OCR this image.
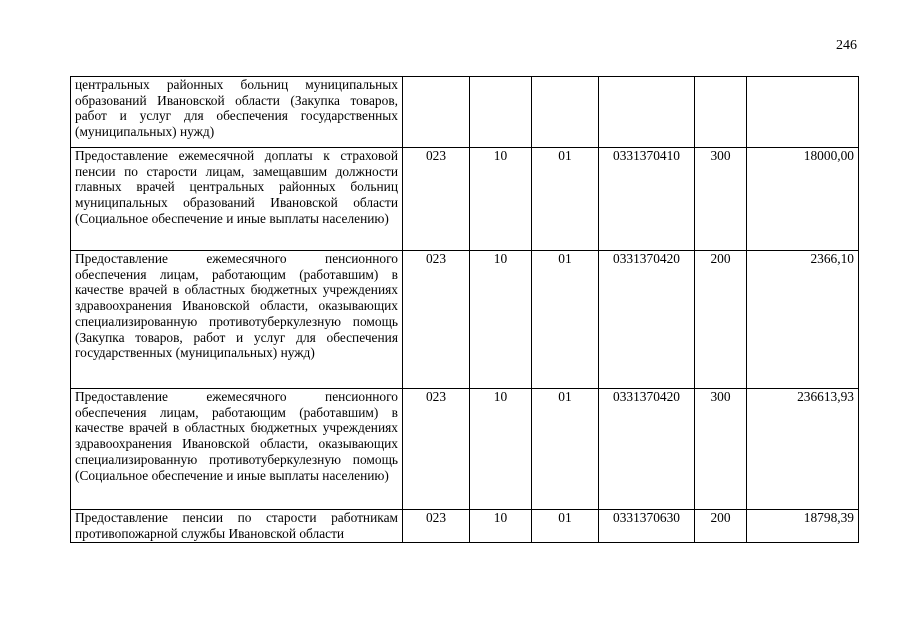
246
центральных районных больниц муниципальных образований Ивановской области (Закупка товаров, работ и услуг для обеспечения государственных (муниципальных) нужд)						
Предоставление ежемесячной доплаты к страховой пенсии по старости лицам, замещавшим должности главных врачей центральных районных больниц муниципальных образований Ивановской области (Социальное обеспечение и иные выплаты населению)	023	10	01	0331370410	300	18000,00
Предоставление ежемесячного пенсионного обеспечения лицам, работающим (работавшим) в качестве врачей в областных бюджетных учреждениях здравоохранения Ивановской области, оказывающих специализированную противотуберкулезную помощь (Закупка товаров, работ и услуг для обеспечения государственных (муниципальных) нужд)	023	10	01	0331370420	200	2366,10
Предоставление ежемесячного пенсионного обеспечения лицам, работающим (работавшим) в качестве врачей в областных бюджетных учреждениях здравоохранения Ивановской области, оказывающих специализированную противотуберкулезную помощь (Социальное обеспечение и иные выплаты населению)	023	10	01	0331370420	300	236613,93

Предоставление пенсии по старости работникам противопожарной службы Ивановской области	023	10	01	0331370630	200	18798,39
